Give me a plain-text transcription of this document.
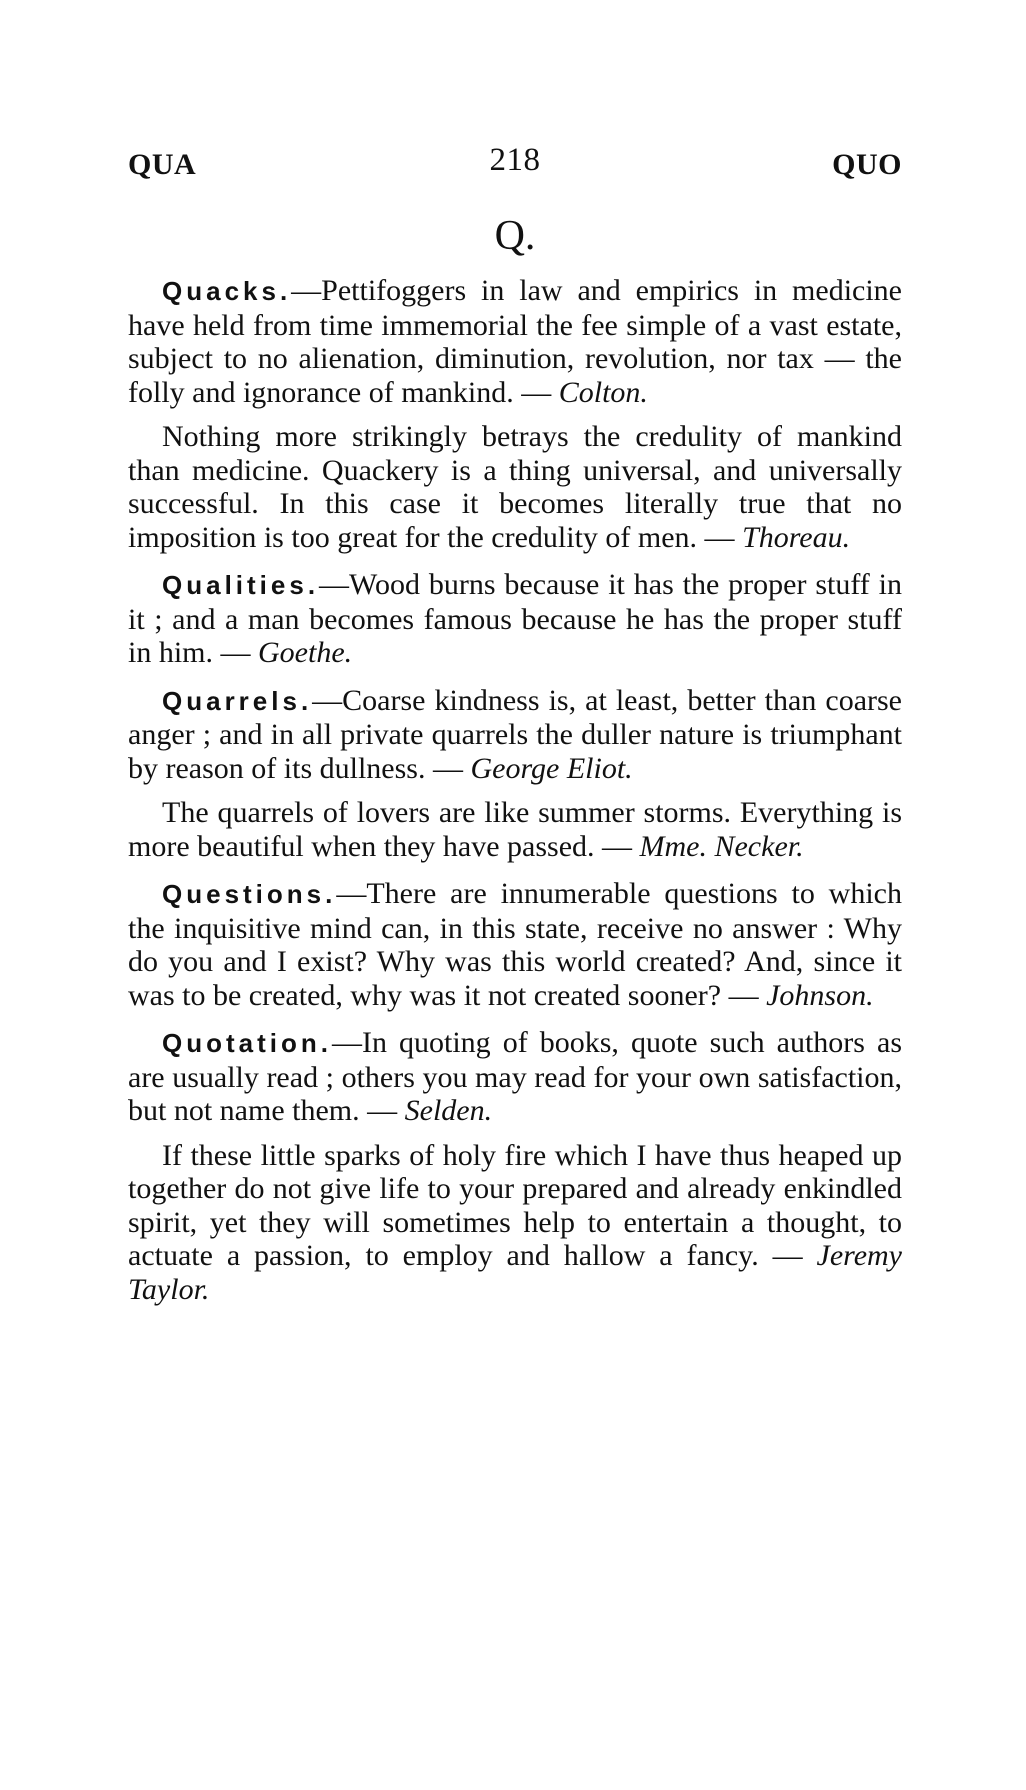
QUA	218	QUO
Q.

Quacks.—Pettifoggers in law and empirics in medicine have held from time immemorial the fee simple of a vast estate, subject to no alienation, diminution, revolution, nor tax — the folly and ignorance of mankind. — Colton.

Nothing more strikingly betrays the credulity of mankind than medicine. Quackery is a thing universal, and universally successful. In this case it becomes literally true that no imposition is too great for the credulity of men. — Thoreau.

Qualities.—Wood burns because it has the proper stuff in it ; and a man becomes famous because he has the proper stuff in him. — Goethe.

Quarrels.—Coarse kindness is, at least, better than coarse anger ; and in all private quarrels the duller nature is triumphant by reason of its dullness. — George Eliot.

The quarrels of lovers are like summer storms. Everything is more beautiful when they have passed. — Mme. Necker.

Questions.—There are innumerable questions to which the inquisitive mind can, in this state, receive no answer : Why do you and I exist? Why was this world created? And, since it was to be created, why was it not created sooner? — Johnson.

Quotation.—In quoting of books, quote such authors as are usually read ; others you may read for your own satisfaction, but not name them. — Selden.

If these little sparks of holy fire which I have thus heaped up together do not give life to your prepared and already enkindled spirit, yet they will sometimes help to entertain a thought, to actuate a passion, to employ and hallow a fancy. — Jeremy Taylor.
